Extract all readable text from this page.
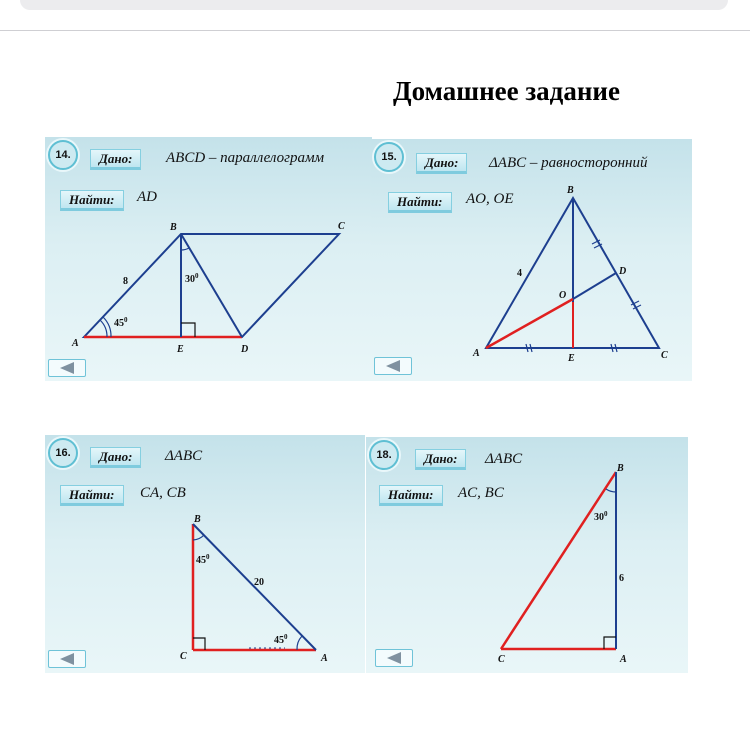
Домашнее задание
A
B	C
D
E
8
$45^0$
$30^0$
14.	Дано:	ABCD – параллелограмм
Найти:	AD
A
B
C
D
E
O
4
15.	Дано:	ΔABC – равносторонний
Найти:	AO, OE
A
B
C
20
$45^0$
$45^0$
16.	Дано:	ΔABC
Найти:	CA, CB
A
B
C
6
$30^0$
18.	Дано:	ΔABC
Найти:	AC, BC
